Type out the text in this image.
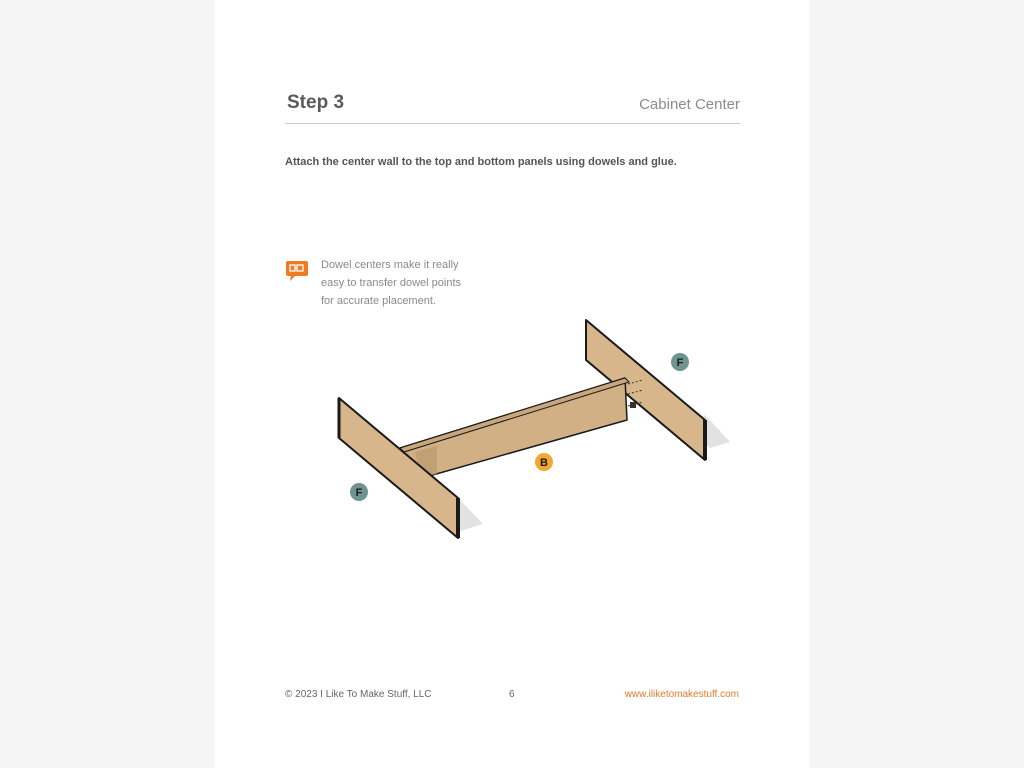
Step 3	Cabinet Center
Attach the center wall to the top and bottom panels using dowels and glue.
Dowel centers make it really
easy to transfer dowel points
for accurate placement.
F
B
F
© 2023 I Like To Make Stuff, LLC	6	www.iliketomakestuff.com
